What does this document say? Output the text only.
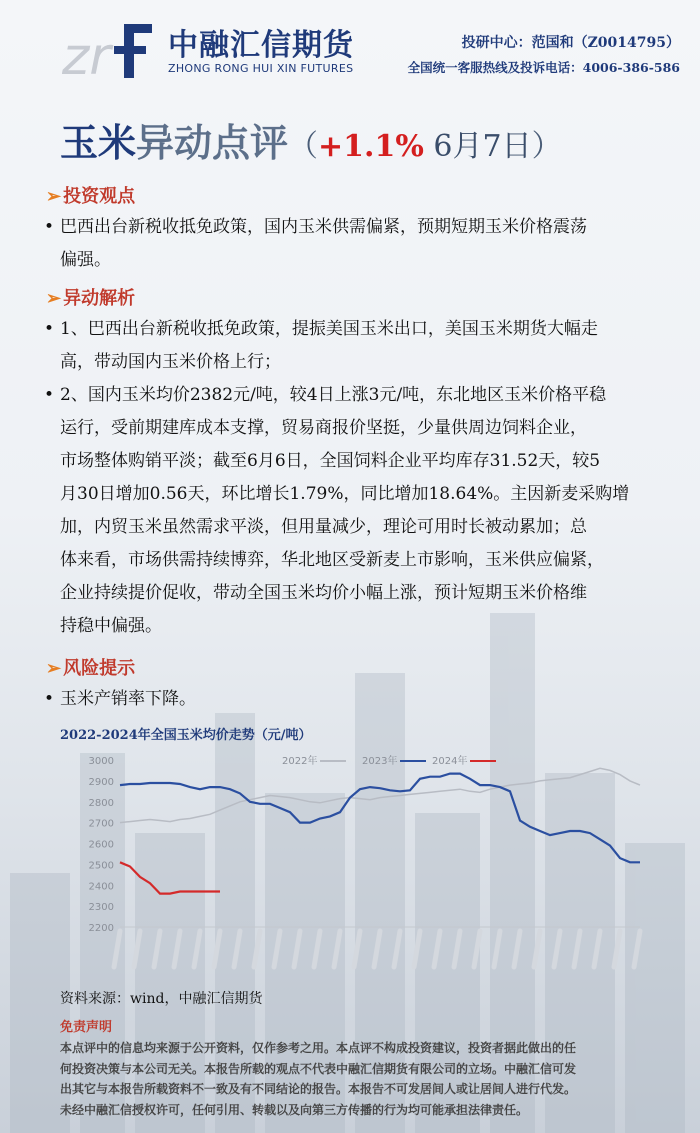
zr 中融汇信期货
ZHONG RONG HUI XIN FUTURES
投研中心：范国和（Z0014795）
全国统一客服热线及投诉电话：4006-386-586
玉米异动点评（+1.1% 6月7日）
➢ 投资观点
• 巴西出台新税收抵免政策，国内玉米供需偏紧，预期短期玉米价格震荡
偏强。
➢ 异动解析
• 1、巴西出台新税收抵免政策，提振美国玉米出口，美国玉米期货大幅走
高，带动国内玉米价格上行；
• 2、国内玉米均价2382元/吨，较4日上涨3元/吨，东北地区玉米价格平稳
运行，受前期建库成本支撑，贸易商报价坚挺，少量供周边饲料企业，
市场整体购销平淡；截至6月6日，全国饲料企业平均库存31.52天，较5
月30日增加0.56天，环比增长1.79%，同比增加18.64%。主因新麦采购增
加，内贸玉米虽然需求平淡，但用量减少，理论可用时长被动累加；总
体来看，市场供需持续博弈，华北地区受新麦上市影响，玉米供应偏紧，
企业持续提价促收，带动全国玉米均价小幅上涨，预计短期玉米价格维
持稳中偏强。
➢ 风险提示
• 玉米产销率下降。
2022-2024年全国玉米均价走势（元/吨）
3000
2900
2800
2700
2600
2500
2400
2300
2200
2022年	2023年	2024年
资料来源：wind，中融汇信期货
免责声明
本点评中的信息均来源于公开资料，仅作参考之用。本点评不构成投资建议，投资者据此做出的任
何投资决策与本公司无关。本报告所载的观点不代表中融汇信期货有限公司的立场。中融汇信可发
出其它与本报告所载资料不一致及有不同结论的报告。本报告不可发居间人或让居间人进行代发。
未经中融汇信授权许可，任何引用、转载以及向第三方传播的行为均可能承担法律责任。
